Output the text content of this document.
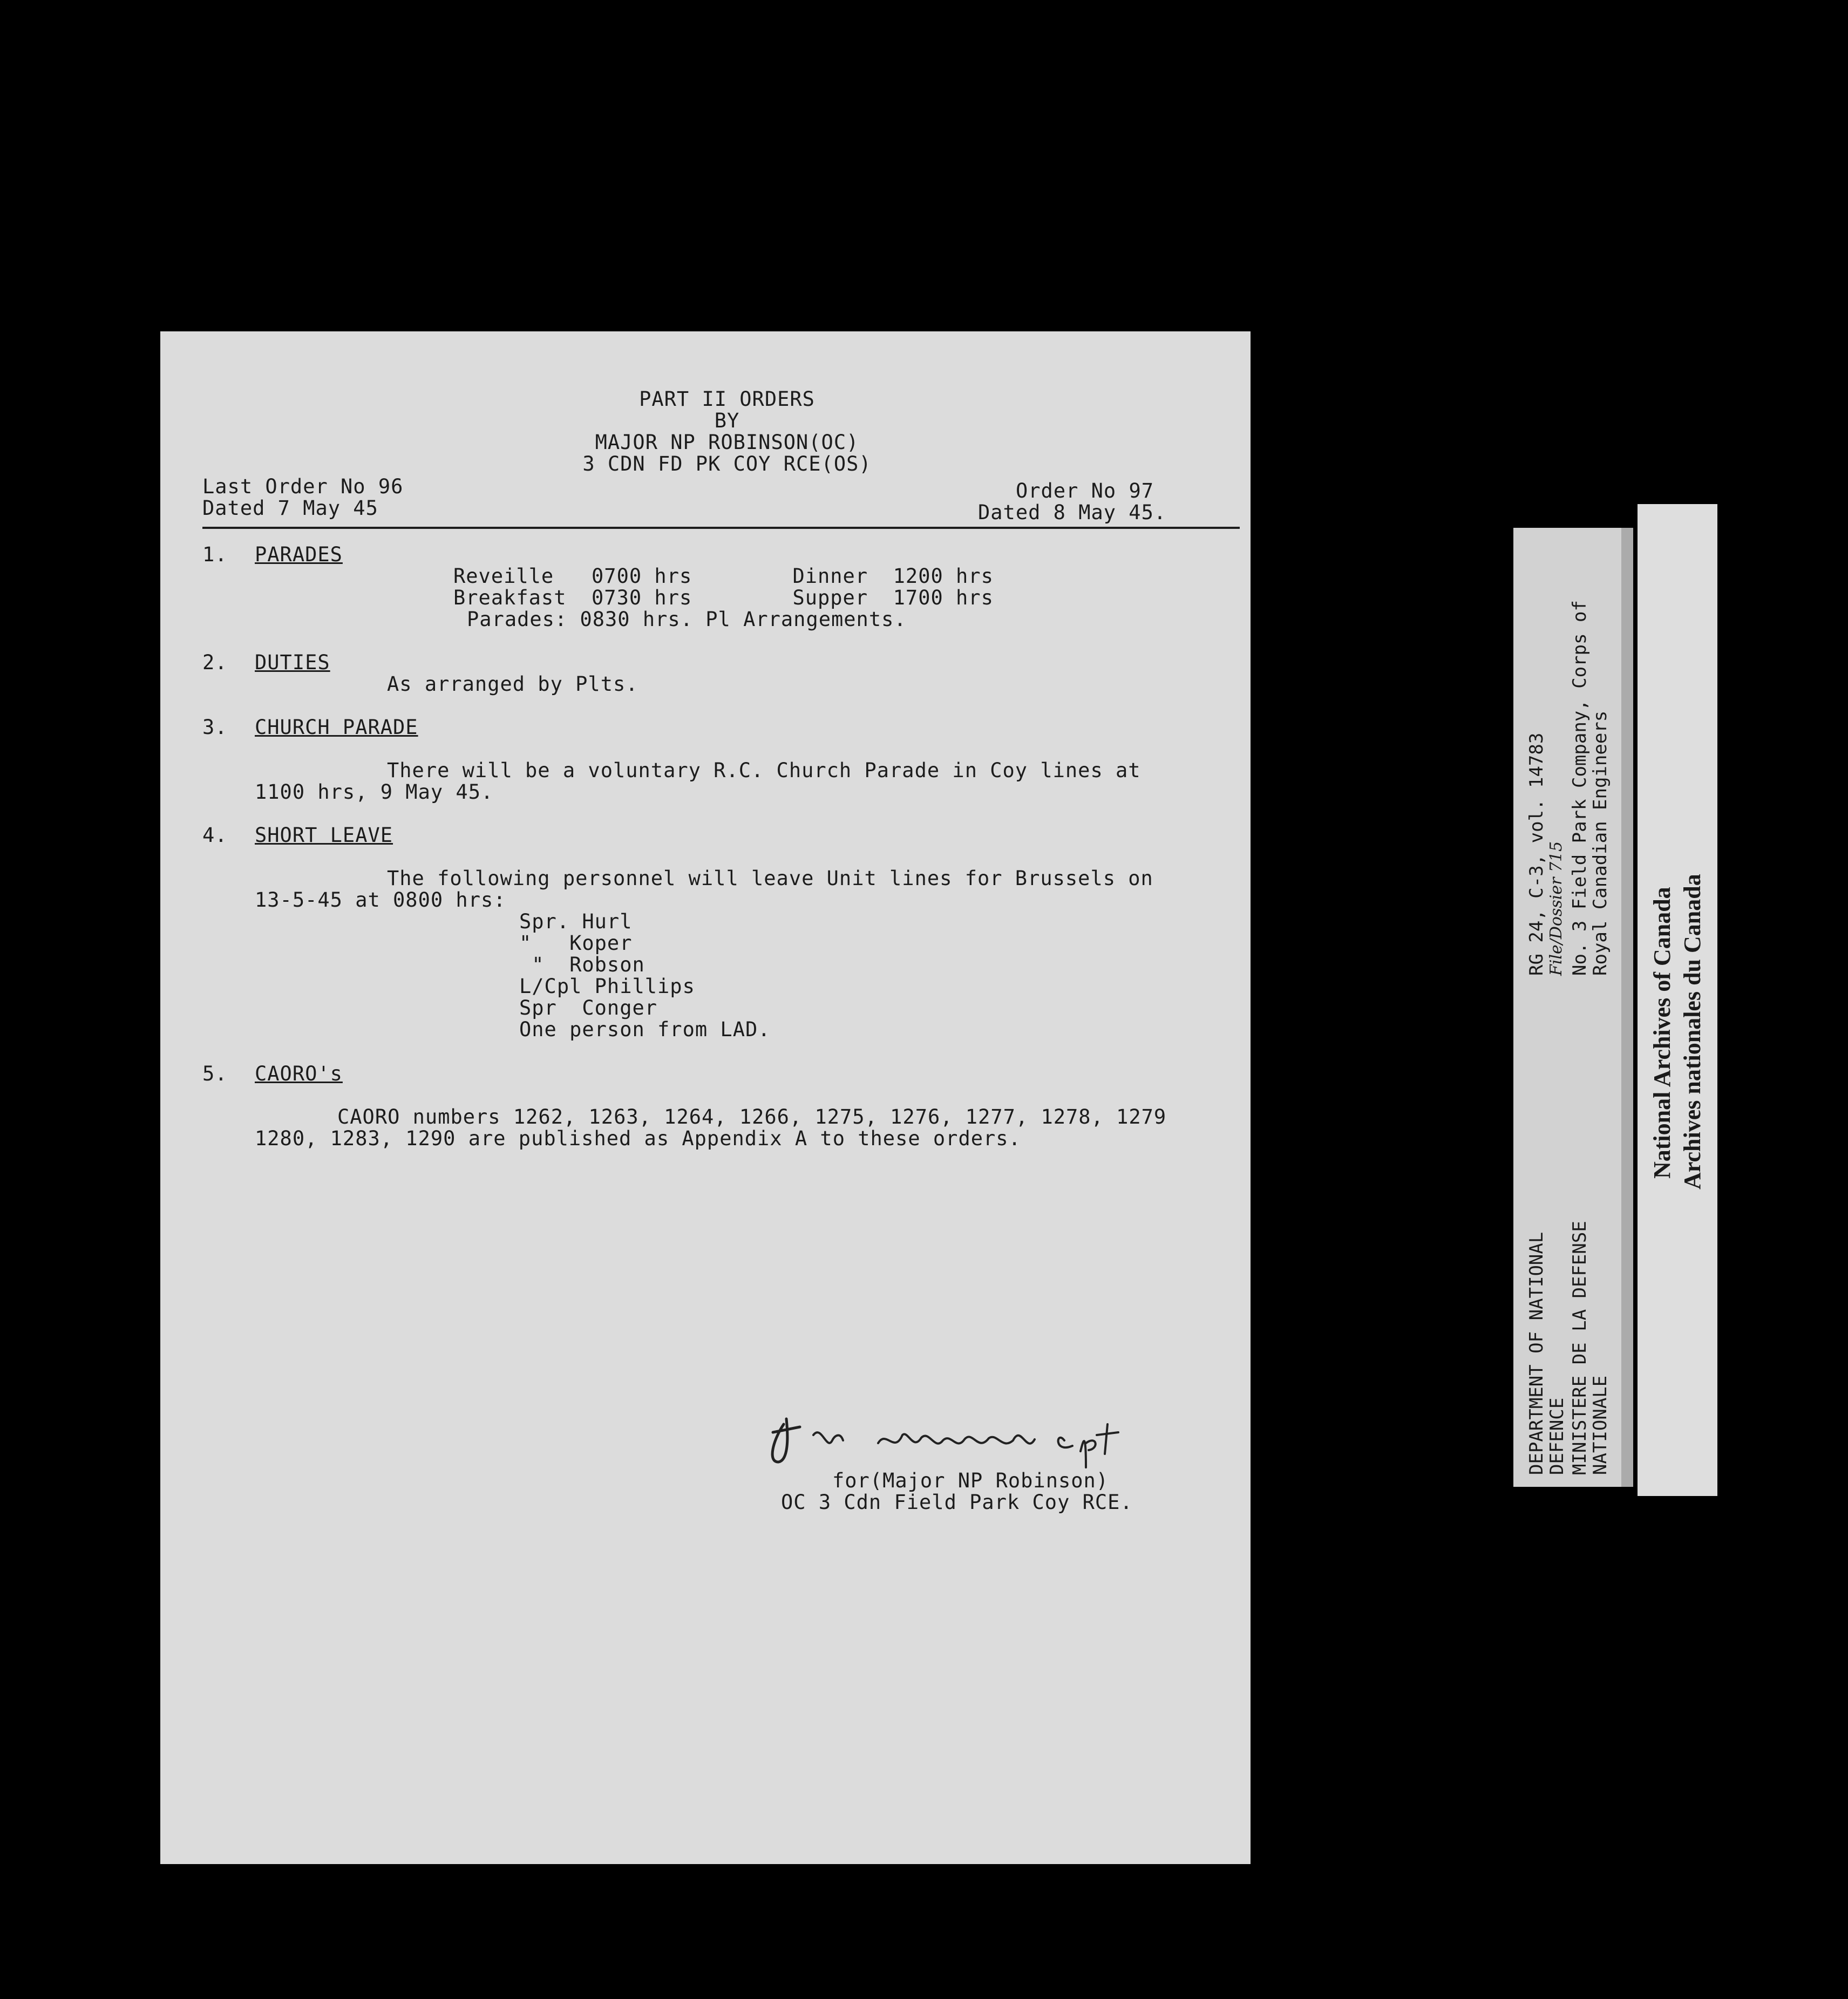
PART II ORDERS
BY
MAJOR NP ROBINSON(OC)
3 CDN FD PK COY RCE(OS)
Last Order No 96
Dated 7 May 45
Order No 97
Dated 8 May 45.
1. PARADES
Reveille   0700 hrs        Dinner  1200 hrs
Breakfast  0730 hrs        Supper  1700 hrs
Parades: 0830 hrs. Pl Arrangements.
2. DUTIES
As arranged by Plts.
3. CHURCH PARADE
There will be a voluntary R.C. Church Parade in Coy lines at
1100 hrs, 9 May 45.
4. SHORT LEAVE
The following personnel will leave Unit lines for Brussels on
13-5-45 at 0800 hrs:
Spr. Hurl
"   Koper
"  Robson
L/Cpl Phillips
Spr  Conger
One person from LAD.
5. CAORO's
CAORO numbers 1262, 1263, 1264, 1266, 1275, 1276, 1277, 1278, 1279
1280, 1283, 1290 are published as Appendix A to these orders.
for(Major NP Robinson)
OC 3 Cdn Field Park Coy RCE.
RG 24, C-3, vol. 14783 File/Dossier 715 No. 3 Field Park Company, Corps of
Royal Canadian Engineers
DEPARTMENT OF NATIONAL
DEFENCE MINISTERE DE LA DEFENSE
NATIONALE
National Archives of Canada Archives nationales du Canada
